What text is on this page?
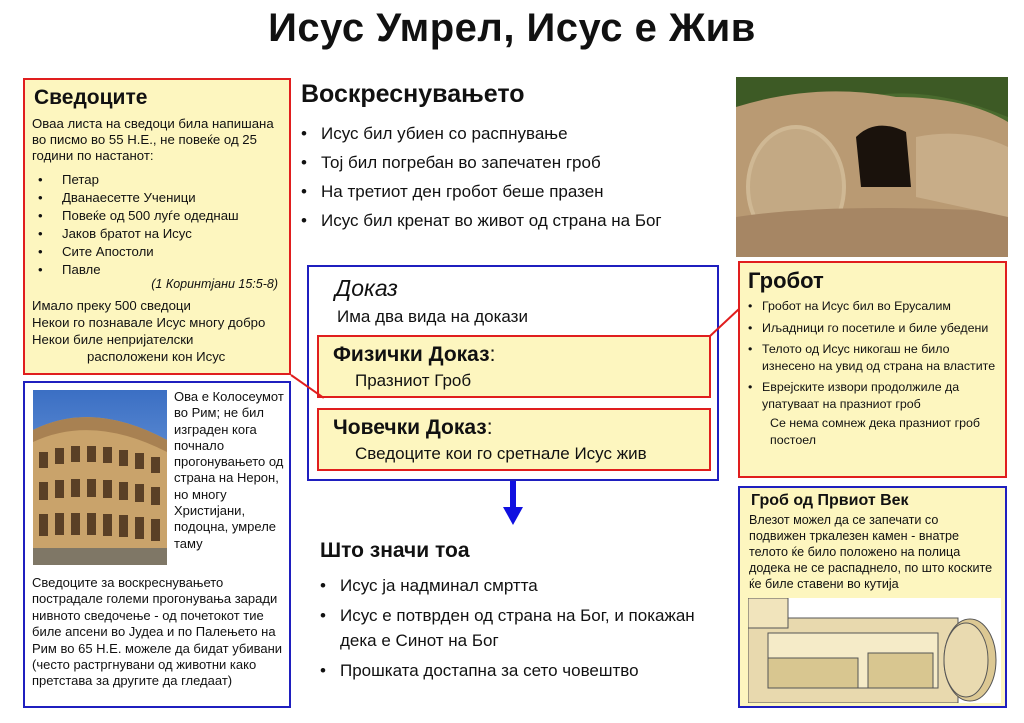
Исус Умрел, Исус е Жив
Сведоците
Оваа листа на сведоци била напишана во писмо во 55 Н.Е., не повеќе од 25 години по настанот:
• Петар
• Дванаесетте Ученици
• Повеќе од 500 луѓе одеднаш
• Јаков братот на Исус
• Сите Апостоли
• Павле
(1 Коринтјани 15:5-8)
Имало преку 500 сведоци
Некои го познавале Исус многу добро
Некои биле непријателски
расположени кон Исус
Ова е Колосеумот во Рим; не бил изграден кога почнало прогонувањето од страна на Нерон, но многу Христијани, подоцна, умреле таму
Сведоците за воскреснувањето пострадале големи прогонувања заради нивното сведочење - од почетокот тие биле апсени во Јудеа и по Палењето на Рим во 65 Н.Е. можеле да бидат убивани (често растргнувани од животни како претстава за другите да гледаат)
Воскреснувањето
• Исус бил убиен со распнување
• Тој бил погребан во запечатен гроб
• На третиот ден гробот беше празен
• Исус бил кренат во живот од страна на Бог
Доказ
Има два вида на докази
Физички Доказ:
Празниот Гроб
Човечки Доказ:
Сведоците кои го сретнале Исус жив
Што значи тоа
• Исус ја надминал смртта
• Исус е потврден од страна на Бог, и покажан дека е Синот на Бог
• Прошката достапна за сето човештво
Гробот
• Гробот на Исус бил во Ерусалим
• Иљадници го посетиле и биле убедени
• Телото од Исус никогаш не било изнесено на увид од страна на властите
• Еврејските извори продолжиле да упатуваат на празниот гроб
Се нема сомнеж дека празниот гроб постоел
Гроб од Првиот Век
Влезот можел да се запечати со подвижен тркалезен камен - внатре телото ќе било положено на полица додека не се распаднело, по што коските ќе биле ставени во кутија
